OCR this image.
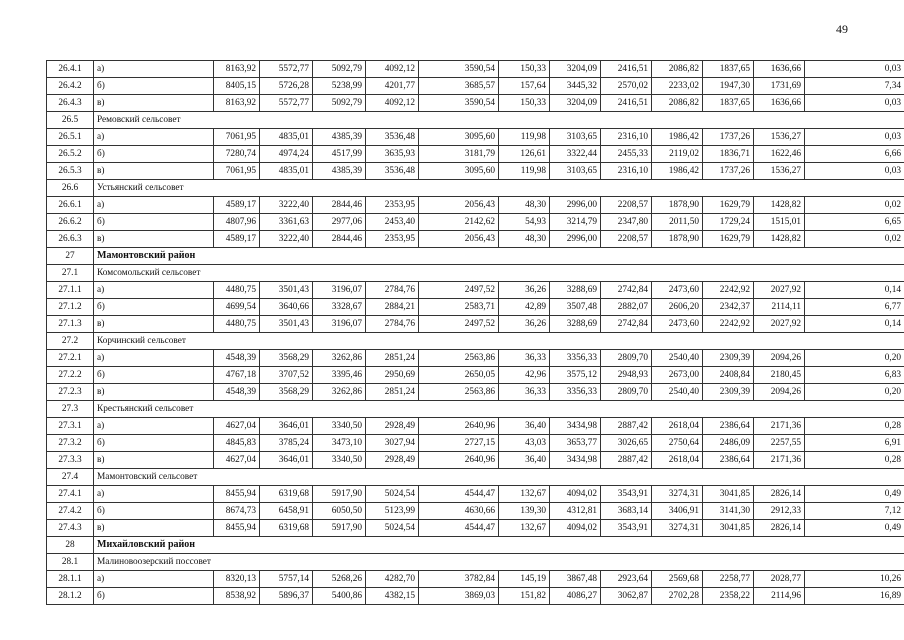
49
26.4.1	а)	8163,92	5572,77	5092,79	4092,12	3590,54	150,33	3204,09	2416,51	2086,82	1837,65	1636,66	0,03
26.4.2	б)	8405,15	5726,28	5238,99	4201,77	3685,57	157,64	3445,32	2570,02	2233,02	1947,30	1731,69	7,34
26.4.3	в)	8163,92	5572,77	5092,79	4092,12	3590,54	150,33	3204,09	2416,51	2086,82	1837,65	1636,66	0,03
26.5	Ремовский сельсовет												
26.5.1	а)	7061,95	4835,01	4385,39	3536,48	3095,60	119,98	3103,65	2316,10	1986,42	1737,26	1536,27	0,03
26.5.2	б)	7280,74	4974,24	4517,99	3635,93	3181,79	126,61	3322,44	2455,33	2119,02	1836,71	1622,46	6,66
26.5.3	в)	7061,95	4835,01	4385,39	3536,48	3095,60	119,98	3103,65	2316,10	1986,42	1737,26	1536,27	0,03
26.6	Устьянский сельсовет												
26.6.1	а)	4589,17	3222,40	2844,46	2353,95	2056,43	48,30	2996,00	2208,57	1878,90	1629,79	1428,82	0,02
26.6.2	б)	4807,96	3361,63	2977,06	2453,40	2142,62	54,93	3214,79	2347,80	2011,50	1729,24	1515,01	6,65
26.6.3	в)	4589,17	3222,40	2844,46	2353,95	2056,43	48,30	2996,00	2208,57	1878,90	1629,79	1428,82	0,02
27	Мамонтовский район												
27.1	Комсомольский сельсовет												
27.1.1	а)	4480,75	3501,43	3196,07	2784,76	2497,52	36,26	3288,69	2742,84	2473,60	2242,92	2027,92	0,14
27.1.2	б)	4699,54	3640,66	3328,67	2884,21	2583,71	42,89	3507,48	2882,07	2606,20	2342,37	2114,11	6,77
27.1.3	в)	4480,75	3501,43	3196,07	2784,76	2497,52	36,26	3288,69	2742,84	2473,60	2242,92	2027,92	0,14
27.2	Корчинский сельсовет												
27.2.1	а)	4548,39	3568,29	3262,86	2851,24	2563,86	36,33	3356,33	2809,70	2540,40	2309,39	2094,26	0,20
27.2.2	б)	4767,18	3707,52	3395,46	2950,69	2650,05	42,96	3575,12	2948,93	2673,00	2408,84	2180,45	6,83
27.2.3	в)	4548,39	3568,29	3262,86	2851,24	2563,86	36,33	3356,33	2809,70	2540,40	2309,39	2094,26	0,20
27.3	Крестьянский сельсовет												
27.3.1	а)	4627,04	3646,01	3340,50	2928,49	2640,96	36,40	3434,98	2887,42	2618,04	2386,64	2171,36	0,28
27.3.2	б)	4845,83	3785,24	3473,10	3027,94	2727,15	43,03	3653,77	3026,65	2750,64	2486,09	2257,55	6,91
27.3.3	в)	4627,04	3646,01	3340,50	2928,49	2640,96	36,40	3434,98	2887,42	2618,04	2386,64	2171,36	0,28
27.4	Мамонтовский сельсовет												
27.4.1	а)	8455,94	6319,68	5917,90	5024,54	4544,47	132,67	4094,02	3543,91	3274,31	3041,85	2826,14	0,49
27.4.2	б)	8674,73	6458,91	6050,50	5123,99	4630,66	139,30	4312,81	3683,14	3406,91	3141,30	2912,33	7,12
27.4.3	в)	8455,94	6319,68	5917,90	5024,54	4544,47	132,67	4094,02	3543,91	3274,31	3041,85	2826,14	0,49
28	Михайловский район												
28.1	Малиновоозерский поссовет												
28.1.1	а)	8320,13	5757,14	5268,26	4282,70	3782,84	145,19	3867,48	2923,64	2569,68	2258,77	2028,77	10,26
28.1.2	б)	8538,92	5896,37	5400,86	4382,15	3869,03	151,82	4086,27	3062,87	2702,28	2358,22	2114,96	16,89
